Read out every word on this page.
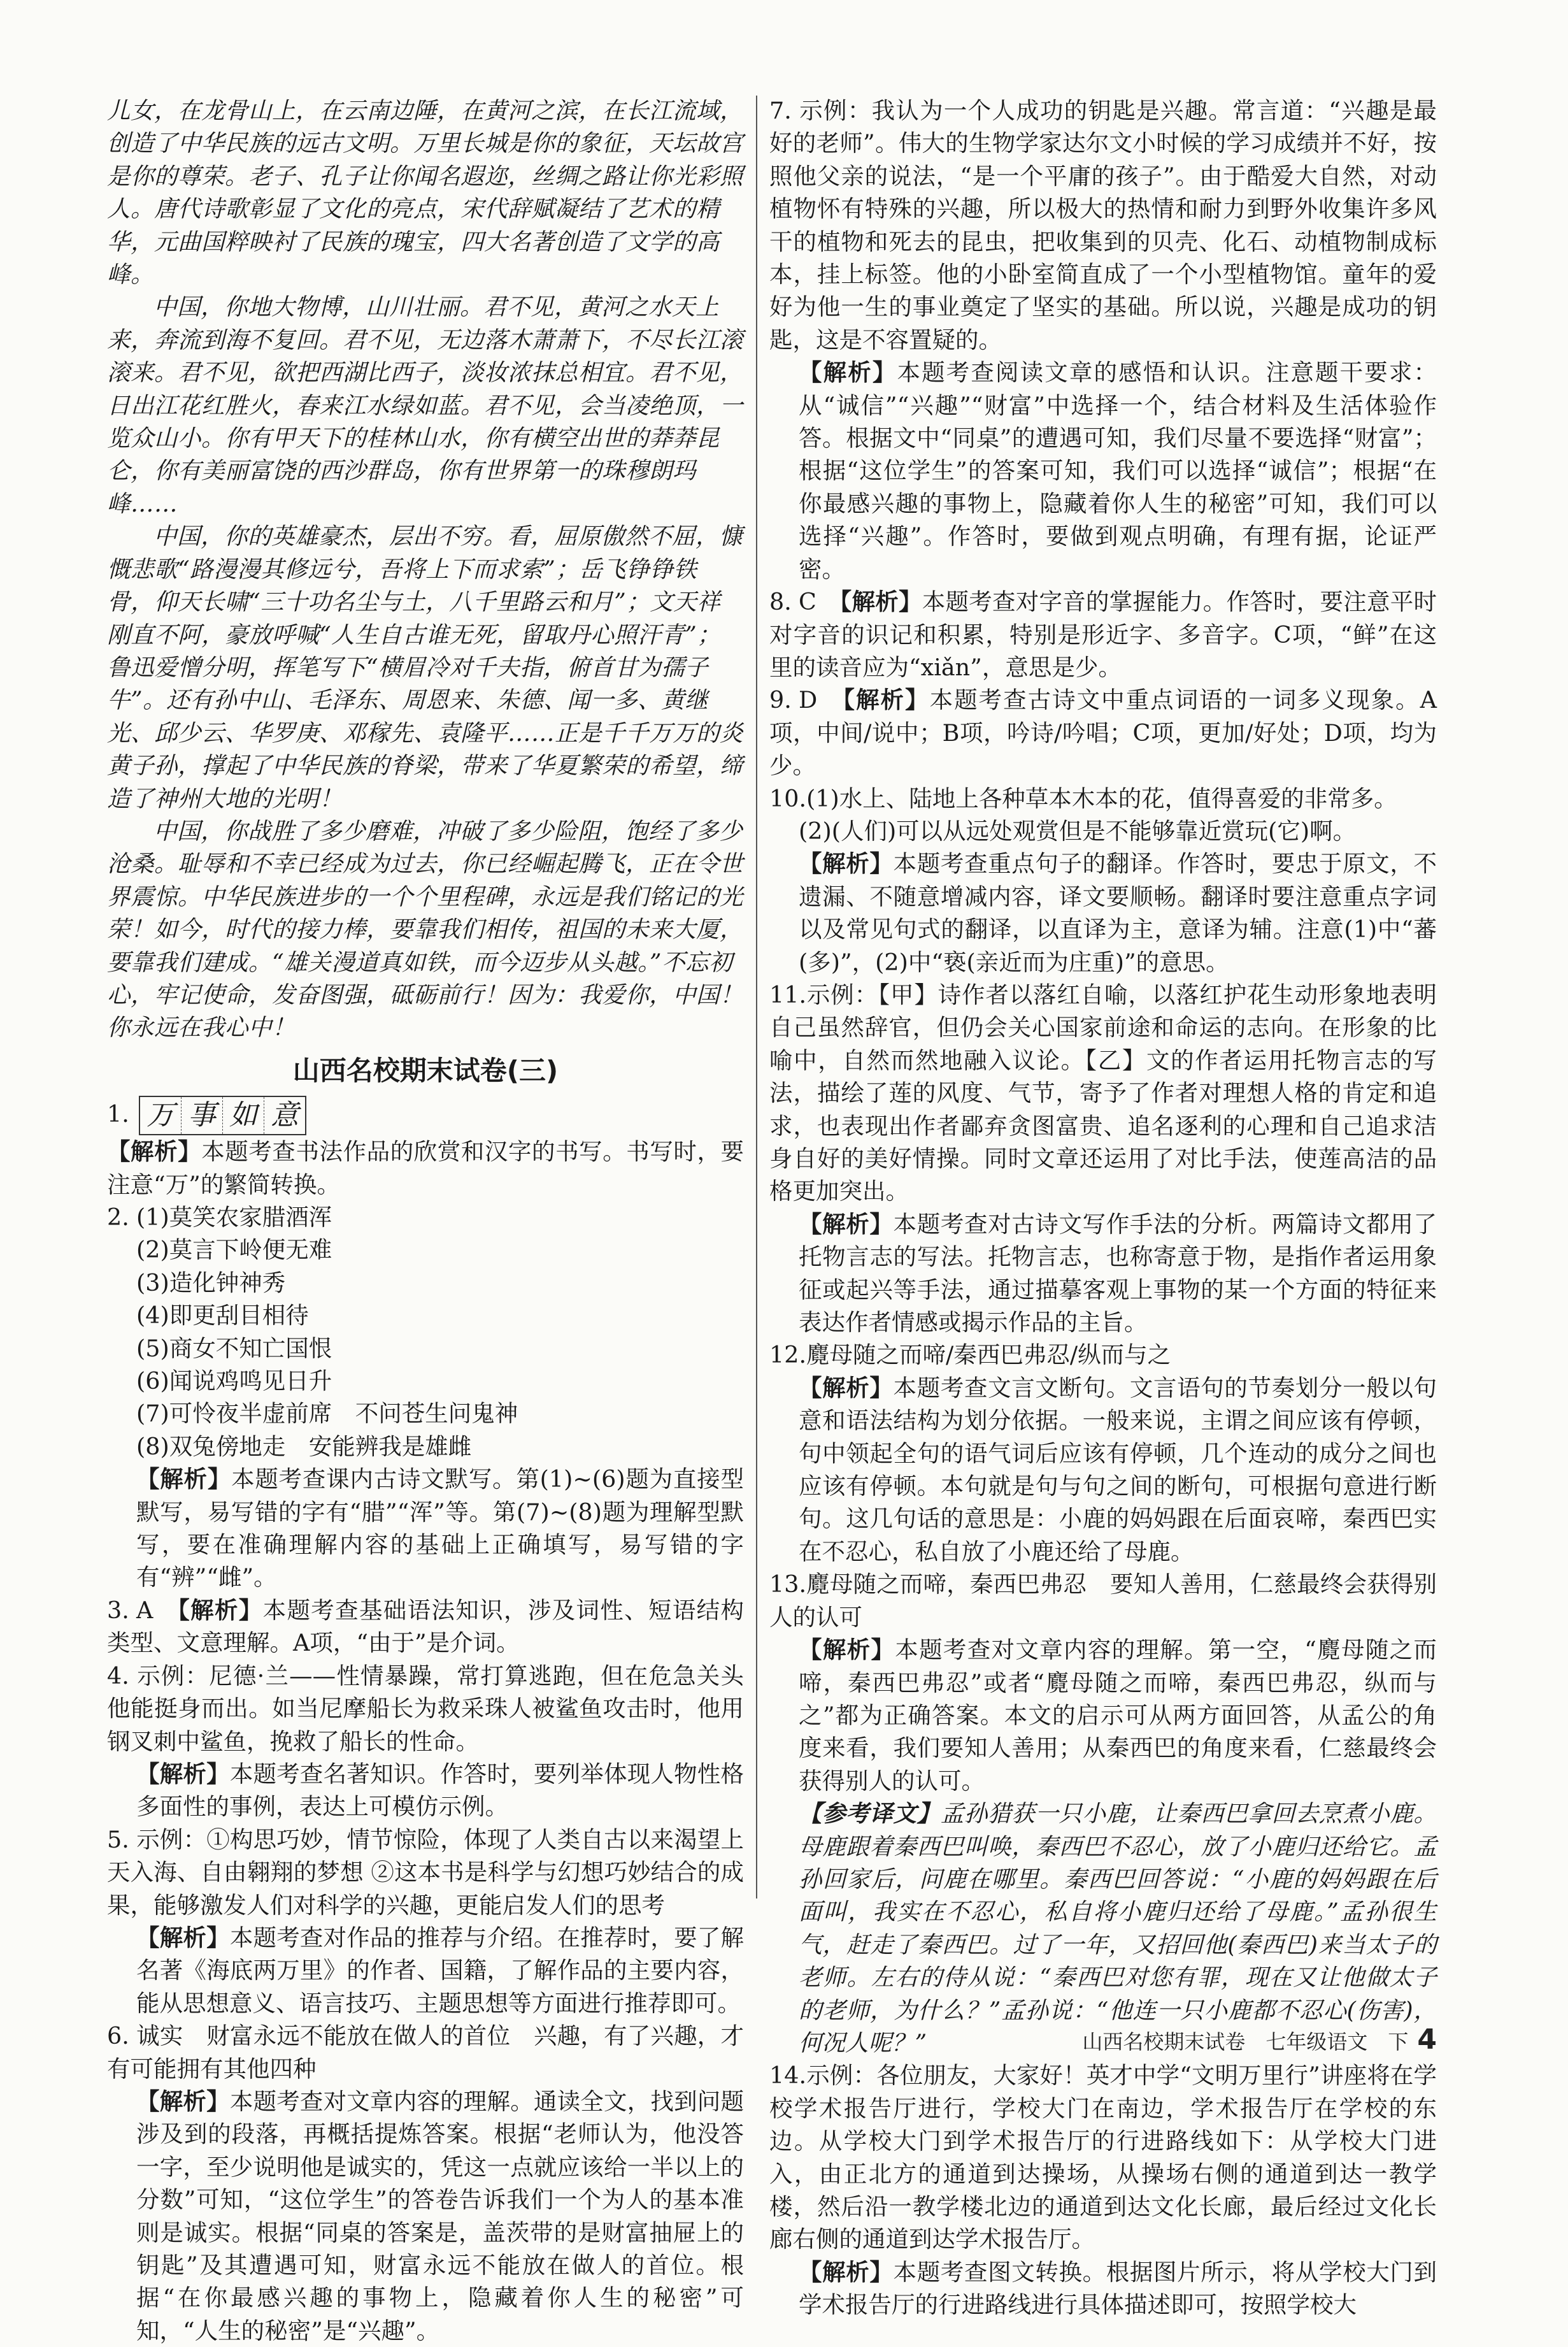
儿女，在龙骨山上，在云南边陲，在黄河之滨，在长江流域，创造了中华民族的远古文明。万里长城是你的象征，天坛故宫是你的尊荣。老子、孔子让你闻名遐迩，丝绸之路让你光彩照人。唐代诗歌彰显了文化的亮点，宋代辞赋凝结了艺术的精华，元曲国粹映衬了民族的瑰宝，四大名著创造了文学的高峰。

中国，你地大物博，山川壮丽。君不见，黄河之水天上来，奔流到海不复回。君不见，无边落木萧萧下，不尽长江滚滚来。君不见，欲把西湖比西子，淡妆浓抹总相宜。君不见，日出江花红胜火，春来江水绿如蓝。君不见，会当凌绝顶，一览众山小。你有甲天下的桂林山水，你有横空出世的莽莽昆仑，你有美丽富饶的西沙群岛，你有世界第一的珠穆朗玛峰……

中国，你的英雄豪杰，层出不穷。看，屈原傲然不屈，慷慨悲歌“路漫漫其修远兮，吾将上下而求索”；岳飞铮铮铁骨，仰天长啸“三十功名尘与土，八千里路云和月”；文天祥刚直不阿，豪放呼喊“人生自古谁无死，留取丹心照汗青”；鲁迅爱憎分明，挥笔写下“横眉冷对千夫指，俯首甘为孺子牛”。还有孙中山、毛泽东、周恩来、朱德、闻一多、黄继光、邱少云、华罗庚、邓稼先、袁隆平……正是千千万万的炎黄子孙，撑起了中华民族的脊梁，带来了华夏繁荣的希望，缔造了神州大地的光明！

中国，你战胜了多少磨难，冲破了多少险阻，饱经了多少沧桑。耻辱和不幸已经成为过去，你已经崛起腾飞，正在令世界震惊。中华民族进步的一个个里程碑，永远是我们铭记的光荣！如今，时代的接力棒，要靠我们相传，祖国的未来大厦，要靠我们建成。“雄关漫道真如铁，而今迈步从头越。”不忘初心，牢记使命，发奋图强，砥砺前行！因为：我爱你，中国！你永远在我心中！

山西名校期末试卷(三)
1. 万 事 如 意
【解析】本题考查书法作品的欣赏和汉字的书写。书写时，要注意“万”的繁简转换。
2. (1)莫笑农家腊酒浑
(2)莫言下岭便无难
(3)造化钟神秀
(4)即更刮目相待
(5)商女不知亡国恨
(6)闻说鸡鸣见日升
(7)可怜夜半虚前席　不问苍生问鬼神
(8)双兔傍地走　安能辨我是雄雌
【解析】本题考查课内古诗文默写。第(1)~(6)题为直接型默写，易写错的字有“腊”“浑”等。第(7)~(8)题为理解型默写，要在准确理解内容的基础上正确填写，易写错的字有“辨”“雌”。
3. A　 【解析】本题考查基础语法知识，涉及词性、短语结构类型、文意理解。A项，“由于”是介词。
4. 示例：尼德·兰——性情暴躁，常打算逃跑，但在危急关头他能挺身而出。如当尼摩船长为救采珠人被鲨鱼攻击时，他用钢叉刺中鲨鱼，挽救了船长的性命。
【解析】本题考查名著知识。作答时，要列举体现人物性格多面性的事例，表达上可模仿示例。
5. 示例：①构思巧妙，情节惊险，体现了人类自古以来渴望上天入海、自由翱翔的梦想 ②这本书是科学与幻想巧妙结合的成果，能够激发人们对科学的兴趣，更能启发人们的思考
【解析】本题考查对作品的推荐与介绍。在推荐时，要了解名著《海底两万里》的作者、国籍，了解作品的主要内容，能从思想意义、语言技巧、主题思想等方面进行推荐即可。
6. 诚实　财富永远不能放在做人的首位　兴趣，有了兴趣，才有可能拥有其他四种
【解析】本题考查对文章内容的理解。通读全文，找到问题涉及到的段落，再概括提炼答案。根据“老师认为，他没答一字，至少说明他是诚实的，凭这一点就应该给一半以上的分数”可知，“这位学生”的答卷告诉我们一个为人的基本准则是诚实。根据“同桌的答案是，盖茨带的是财富抽屉上的钥匙”及其遭遇可知，财富永远不能放在做人的首位。根据“在你最感兴趣的事物上，隐藏着你人生的秘密”可知，“人生的秘密”是“兴趣”。
7. 示例：我认为一个人成功的钥匙是兴趣。常言道：“兴趣是最好的老师”。伟大的生物学家达尔文小时候的学习成绩并不好，按照他父亲的说法，“是一个平庸的孩子”。由于酷爱大自然，对动植物怀有特殊的兴趣，所以极大的热情和耐力到野外收集许多风干的植物和死去的昆虫，把收集到的贝壳、化石、动植物制成标本，挂上标签。他的小卧室简直成了一个小型植物馆。童年的爱好为他一生的事业奠定了坚实的基础。所以说，兴趣是成功的钥匙，这是不容置疑的。
【解析】本题考查阅读文章的感悟和认识。注意题干要求：从“诚信”“兴趣”“财富”中选择一个，结合材料及生活体验作答。根据文中“同桌”的遭遇可知，我们尽量不要选择“财富”；根据“这位学生”的答案可知，我们可以选择“诚信”；根据“在你最感兴趣的事物上，隐藏着你人生的秘密”可知，我们可以选择“兴趣”。作答时，要做到观点明确，有理有据，论证严密。
8. C　 【解析】本题考查对字音的掌握能力。作答时，要注意平时对字音的识记和积累，特别是形近字、多音字。C项，“鲜”在这里的读音应为“xiǎn”，意思是少。
9. D　 【解析】本题考查古诗文中重点词语的一词多义现象。A项，中间/说中；B项，吟诗/吟唱；C项，更加/好处；D项，均为少。
10.(1)水上、陆地上各种草本木本的花，值得喜爱的非常多。
(2)(人们)可以从远处观赏但是不能够靠近赏玩(它)啊。
【解析】本题考查重点句子的翻译。作答时，要忠于原文，不遗漏、不随意增减内容，译文要顺畅。翻译时要注意重点字词以及常见句式的翻译，以直译为主，意译为辅。注意(1)中“蕃(多)”，(2)中“亵(亲近而为庄重)”的意思。
11.示例：【甲】诗作者以落红自喻，以落红护花生动形象地表明自己虽然辞官，但仍会关心国家前途和命运的志向。在形象的比喻中，自然而然地融入议论。【乙】文的作者运用托物言志的写法，描绘了莲的风度、气节，寄予了作者对理想人格的肯定和追求，也表现出作者鄙弃贪图富贵、追名逐利的心理和自己追求洁身自好的美好情操。同时文章还运用了对比手法，使莲高洁的品格更加突出。
【解析】本题考查对古诗文写作手法的分析。两篇诗文都用了托物言志的写法。托物言志，也称寄意于物，是指作者运用象征或起兴等手法，通过描摹客观上事物的某一个方面的特征来表达作者情感或揭示作品的主旨。
12.麑母随之而啼/秦西巴弗忍/纵而与之
【解析】本题考查文言文断句。文言语句的节奏划分一般以句意和语法结构为划分依据。一般来说，主谓之间应该有停顿，句中领起全句的语气词后应该有停顿，几个连动的成分之间也应该有停顿。本句就是句与句之间的断句，可根据句意进行断句。这几句话的意思是：小鹿的妈妈跟在后面哀啼，秦西巴实在不忍心，私自放了小鹿还给了母鹿。
13.麑母随之而啼，秦西巴弗忍　要知人善用，仁慈最终会获得别人的认可
【解析】本题考查对文章内容的理解。第一空，“麑母随之而啼，秦西巴弗忍”或者“麑母随之而啼，秦西巴弗忍，纵而与之”都为正确答案。本文的启示可从两方面回答，从孟公的角度来看，我们要知人善用；从秦西巴的角度来看，仁慈最终会获得别人的认可。
【参考译文】孟孙猎获一只小鹿，让秦西巴拿回去烹煮小鹿。母鹿跟着秦西巴叫唤，秦西巴不忍心，放了小鹿归还给它。孟孙回家后，问鹿在哪里。秦西巴回答说：“小鹿的妈妈跟在后面叫，我实在不忍心，私自将小鹿归还给了母鹿。”孟孙很生气，赶走了秦西巴。过了一年，又招回他(秦西巴)来当太子的老师。左右的侍从说：“秦西巴对您有罪，现在又让他做太子的老师，为什么？”孟孙说：“他连一只小鹿都不忍心(伤害)，何况人呢？”
14.示例：各位朋友，大家好！英才中学“文明万里行”讲座将在学校学术报告厅进行，学校大门在南边，学术报告厅在学校的东边。从学校大门到学术报告厅的行进路线如下：从学校大门进入，由正北方的通道到达操场，从操场右侧的通道到达一教学楼，然后沿一教学楼北边的通道到达文化长廊，最后经过文化长廊右侧的通道到达学术报告厅。
【解析】本题考查图文转换。根据图片所示，将从学校大门到学术报告厅的行进路线进行具体描述即可，按照学校大
山西名校期末试卷　七年级语文　下 4
